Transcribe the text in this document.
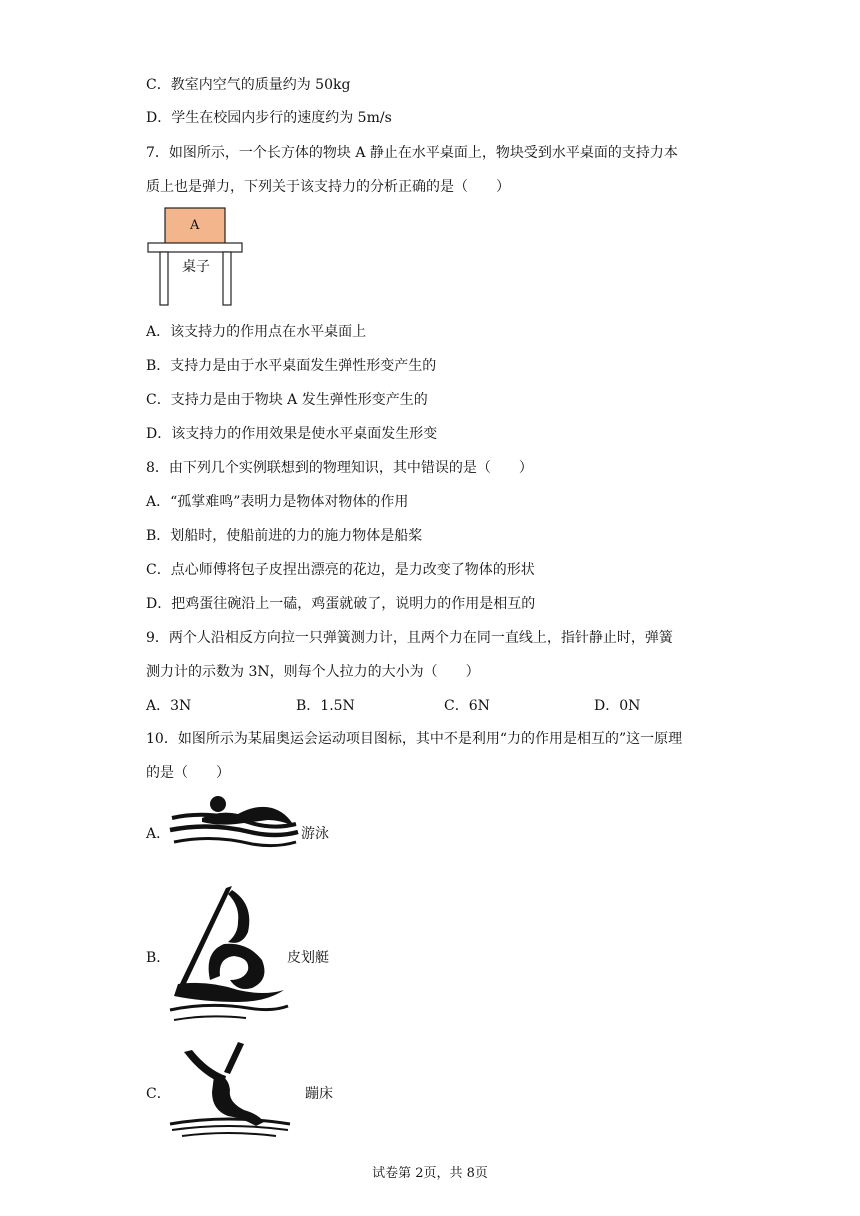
C．教室内空气的质量约为 50kg
D．学生在校园内步行的速度约为 5m/s
7．如图所示，一个长方体的物块 A 静止在水平桌面上，物块受到水平桌面的支持力本
质上也是弹力，下列关于该支持力的分析正确的是（　　）
A
桌子
A．该支持力的作用点在水平桌面上
B．支持力是由于水平桌面发生弹性形变产生的
C．支持力是由于物块 A 发生弹性形变产生的
D．该支持力的作用效果是使水平桌面发生形变
8．由下列几个实例联想到的物理知识，其中错误的是（　　）
A．“孤掌难鸣”表明力是物体对物体的作用
B．划船时，使船前进的力的施力物体是船桨
C．点心师傅将包子皮捏出漂亮的花边，是力改变了物体的形状
D．把鸡蛋往碗沿上一磕，鸡蛋就破了，说明力的作用是相互的
9．两个人沿相反方向拉一只弹簧测力计，且两个力在同一直线上，指针静止时，弹簧
测力计的示数为 3N，则每个人拉力的大小为（　　）
A．3N	B．1.5N	C．6N	D．0N
10．如图所示为某届奥运会运动项目图标，其中不是利用“力的作用是相互的”这一原理
的是（　　）
A．	游泳
B．	皮划艇
C．	蹦床
试卷第 2页，共 8页
